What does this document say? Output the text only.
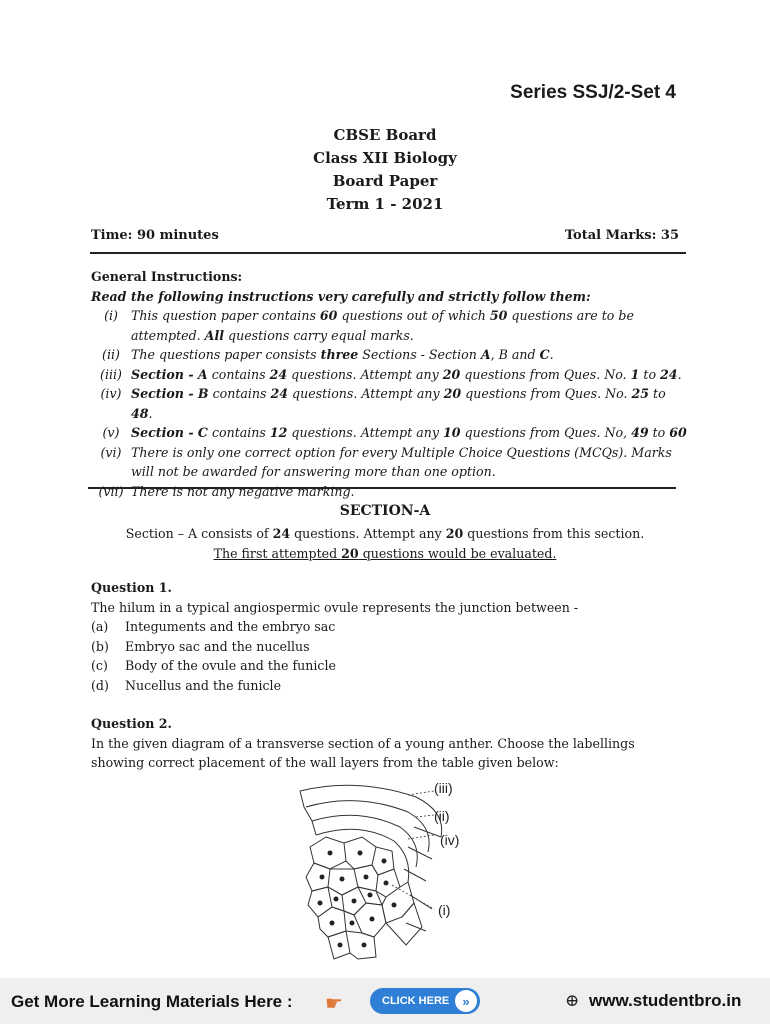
Series SSJ/2-Set 4
CBSE Board
Class XII Biology
Board Paper
Term 1 - 2021
Time: 90 minutes	Total Marks: 35
General Instructions:
Read the following instructions very carefully and strictly follow them:
(i)	This question paper contains 60 questions out of which 50 questions are to be attempted. All questions carry equal marks.
(ii) The questions paper consists three Sections - Section A, B and C.
(iii) Section - A contains 24 questions. Attempt any 20 questions from Ques. No. 1 to 24.
(iv) Section - B contains 24 questions. Attempt any 20 questions from Ques. No. 25 to 48.
(v) Section - C contains 12 questions. Attempt any 10 questions from Ques. No, 49 to 60
(vi) There is only one correct option for every Multiple Choice Questions (MCQs). Marks will not be awarded for answering more than one option.
(vii) There is not any negative marking.
SECTION-A
Section – A consists of 24 questions. Attempt any 20 questions from this section.
The first attempted 20 questions would be evaluated.
Question 1.
The hilum in a typical angiospermic ovule represents the junction between -
(a)	Integuments and the embryo sac
(b)	Embryo sac and the nucellus
(c)	Body of the ovule and the funicle
(d)	Nucellus and the funicle
Question 2.
In the given diagram of a transverse section of a young anther. Choose the labellings showing correct placement of the wall layers from the table given below:
(iii)
(ii)
(iv)
(i)
Get More Learning Materials Here : ☛	CLICK HERE	»	⊕ www.studentbro.in
